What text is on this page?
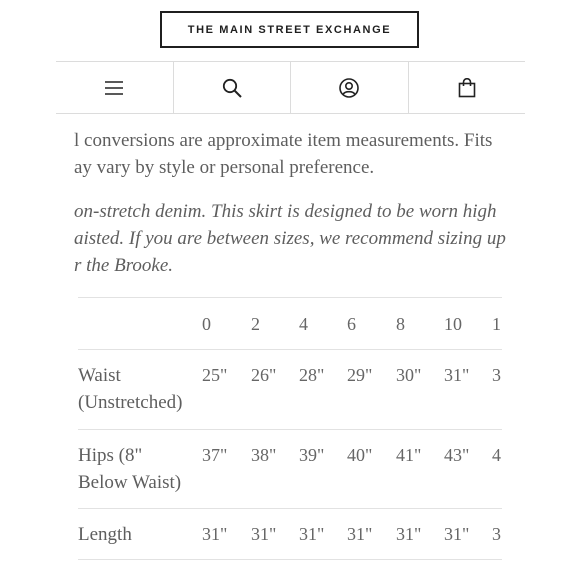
THE MAIN STREET EXCHANGE
l conversions are approximate item measurements. Fits
ay vary by style or personal preference.
on-stretch denim. This skirt is designed to be worn high
aisted. If you are between sizes, we recommend sizing up
r the Brooke.
0 2 4 6 8 10 1
Waist
(Unstretched)
25" 26" 28" 29" 30" 31" 3
Hips (8"
Below Waist)
37" 38" 39" 40" 41" 43" 4
Length	31" 31" 31" 31" 31" 31" 3
